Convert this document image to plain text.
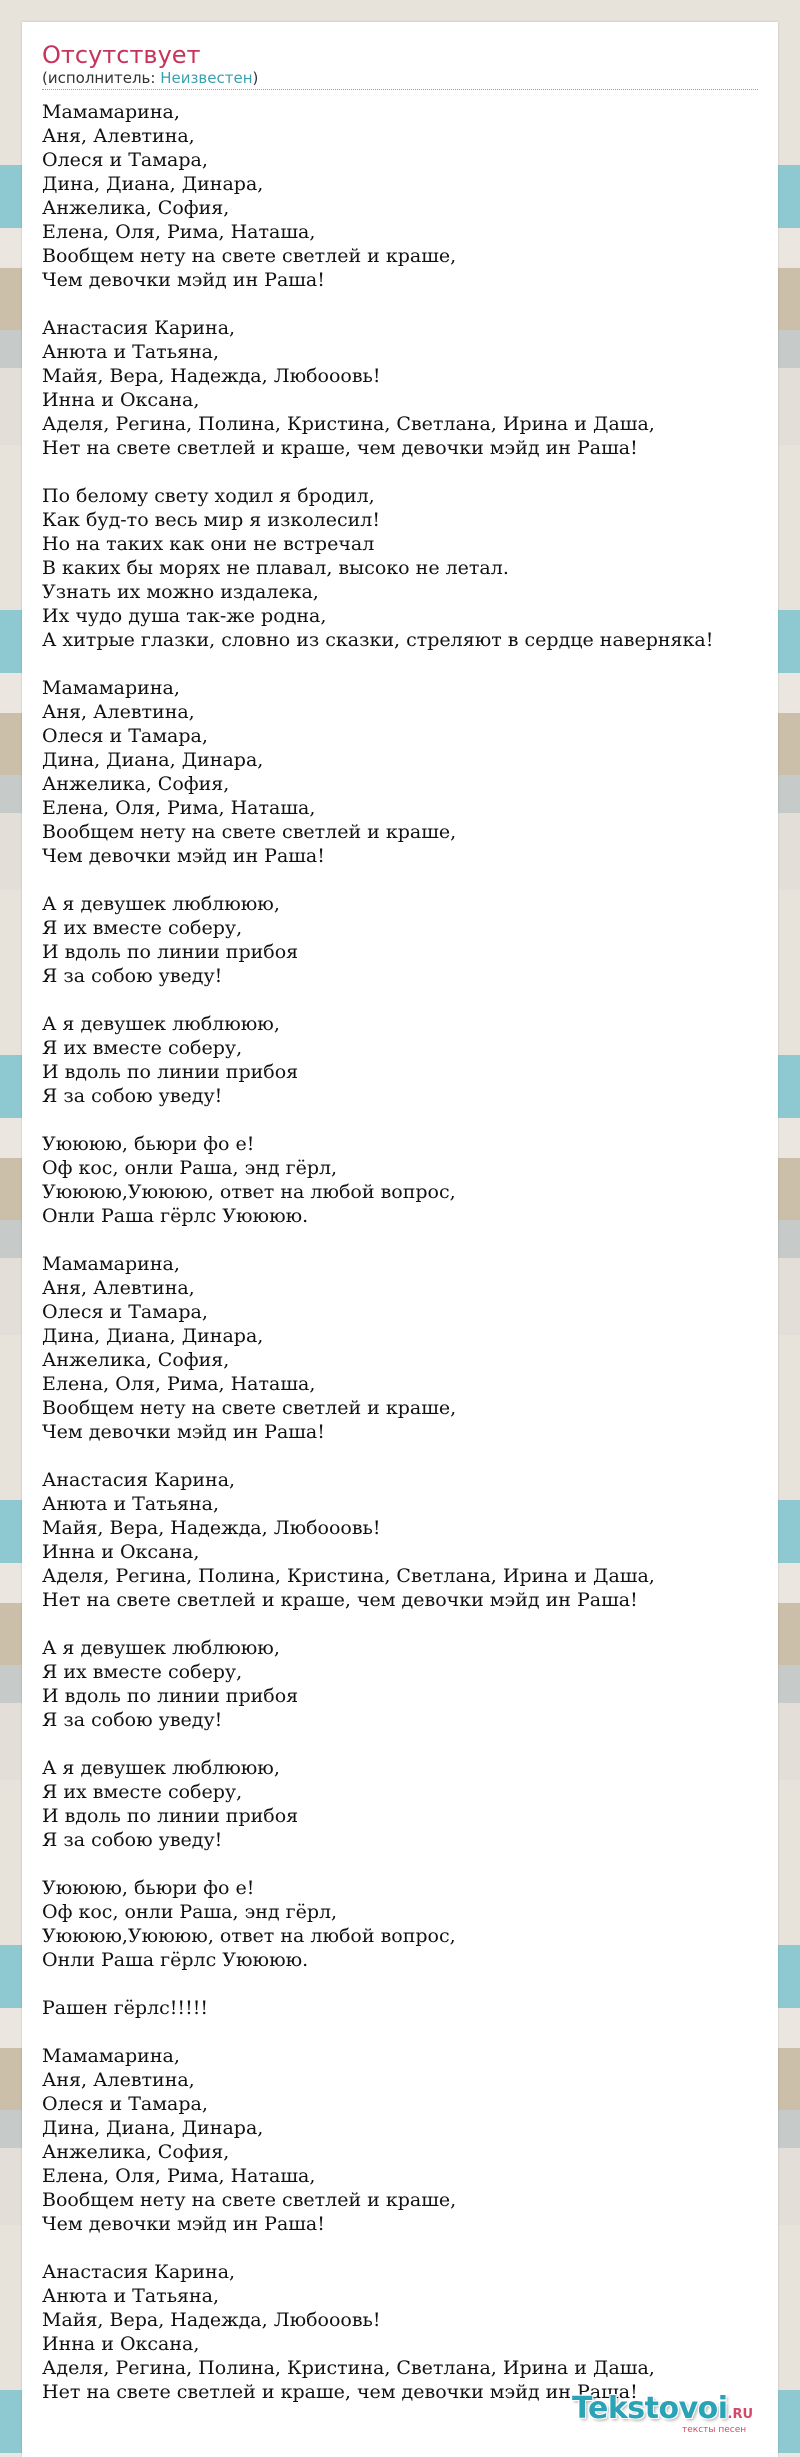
Отсутствует
(исполнитель: Неизвестен)
Мамамарина,
Аня, Алевтина,
Олеся и Тамара,
Дина, Диана, Динара,
Анжелика, София,
Елена, Оля, Рима, Наташа,
Вообщем нету на свете светлей и краше,
Чем девочки мэйд ин Раша!
Анастасия Карина,
Анюта и Татьяна,
Майя, Вера, Надежда, Любооовь!
Инна и Оксана,
Аделя, Регина, Полина, Кристина, Светлана, Ирина и Даша,
Нет на свете светлей и краше, чем девочки мэйд ин Раша!
По белому свету ходил я бродил,
Как буд-то весь мир я изколесил!
Но на таких как они не встречал
В каких бы морях не плавал, высоко не летал.
Узнать их можно издалека,
Их чудо душа так-же родна,
А хитрые глазки, словно из сказки, стреляют в сердце наверняка!
Мамамарина,
Аня, Алевтина,
Олеся и Тамара,
Дина, Диана, Динара,
Анжелика, София,
Елена, Оля, Рима, Наташа,
Вообщем нету на свете светлей и краше,
Чем девочки мэйд ин Раша!
А я девушек люблююю,
Я их вместе соберу,
И вдоль по линии прибоя
Я за собою уведу!
А я девушек люблююю,
Я их вместе соберу,
И вдоль по линии прибоя
Я за собою уведу!
Уюююю, бьюри фо е!
Оф кос, онли Раша, энд гёрл,
Уюююю,Уюююю, ответ на любой вопрос,
Онли Раша гёрлс Уюююю.
Мамамарина,
Аня, Алевтина,
Олеся и Тамара,
Дина, Диана, Динара,
Анжелика, София,
Елена, Оля, Рима, Наташа,
Вообщем нету на свете светлей и краше,
Чем девочки мэйд ин Раша!
Анастасия Карина,
Анюта и Татьяна,
Майя, Вера, Надежда, Любооовь!
Инна и Оксана,
Аделя, Регина, Полина, Кристина, Светлана, Ирина и Даша,
Нет на свете светлей и краше, чем девочки мэйд ин Раша!
А я девушек люблююю,
Я их вместе соберу,
И вдоль по линии прибоя
Я за собою уведу!
А я девушек люблююю,
Я их вместе соберу,
И вдоль по линии прибоя
Я за собою уведу!
Уюююю, бьюри фо е!
Оф кос, онли Раша, энд гёрл,
Уюююю,Уюююю, ответ на любой вопрос,
Онли Раша гёрлс Уюююю.
Рашен гёрлс!!!!!
Мамамарина,
Аня, Алевтина,
Олеся и Тамара,
Дина, Диана, Динара,
Анжелика, София,
Елена, Оля, Рима, Наташа,
Вообщем нету на свете светлей и краше,
Чем девочки мэйд ин Раша!
Анастасия Карина,
Анюта и Татьяна,
Майя, Вера, Надежда, Любооовь!
Инна и Оксана,
Аделя, Регина, Полина, Кристина, Светлана, Ирина и Даша,
Нет на свете светлей и краше, чем девочки мэйд ин Раша!
Tekstovoi.RU
тексты песен
